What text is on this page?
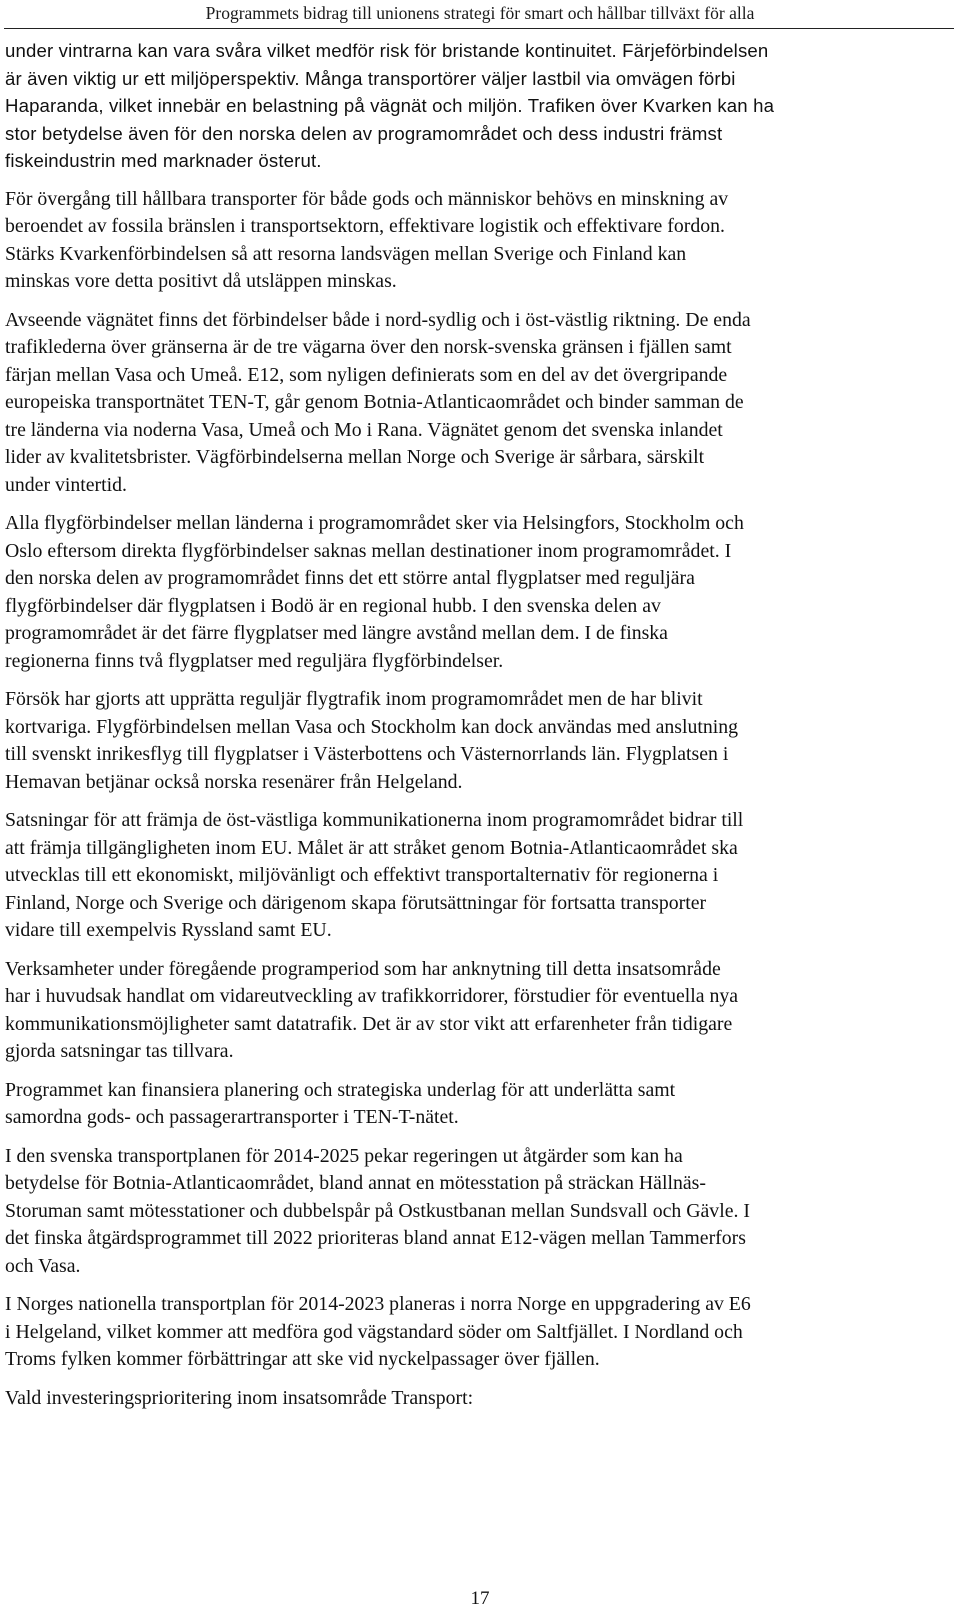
Programmets bidrag till unionens strategi för smart och hållbar tillväxt för alla

under vintrarna kan vara svåra vilket medför risk för bristande kontinuitet. Färjeförbindelsen
är även viktig ur ett miljöperspektiv. Många transportörer väljer lastbil via omvägen förbi
Haparanda, vilket innebär en belastning på vägnät och miljön. Trafiken över Kvarken kan ha
stor betydelse även för den norska delen av programområdet och dess industri främst
fiskeindustrin med marknader österut.

För övergång till hållbara transporter för både gods och människor behövs en minskning av
beroendet av fossila bränslen i transportsektorn, effektivare logistik och effektivare fordon.
Stärks Kvarkenförbindelsen så att resorna landsvägen mellan Sverige och Finland kan
minskas vore detta positivt då utsläppen minskas.

Avseende vägnätet finns det förbindelser både i nord-sydlig och i öst-västlig riktning. De enda
trafiklederna över gränserna är de tre vägarna över den norsk-svenska gränsen i fjällen samt
färjan mellan Vasa och Umeå. E12, som nyligen definierats som en del av det övergripande
europeiska transportnätet TEN-T, går genom Botnia-Atlanticaområdet och binder samman de
tre länderna via noderna Vasa, Umeå och Mo i Rana. Vägnätet genom det svenska inlandet
lider av kvalitetsbrister. Vägförbindelserna mellan Norge och Sverige är sårbara, särskilt
under vintertid.

Alla flygförbindelser mellan länderna i programområdet sker via Helsingfors, Stockholm och
Oslo eftersom direkta flygförbindelser saknas mellan destinationer inom programområdet. I
den norska delen av programområdet finns det ett större antal flygplatser med reguljära
flygförbindelser där flygplatsen i Bodö är en regional hubb. I den svenska delen av
programområdet är det färre flygplatser med längre avstånd mellan dem. I de finska
regionerna finns två flygplatser med reguljära flygförbindelser.

Försök har gjorts att upprätta reguljär flygtrafik inom programområdet men de har blivit
kortvariga. Flygförbindelsen mellan Vasa och Stockholm kan dock användas med anslutning
till svenskt inrikesflyg till flygplatser i Västerbottens och Västernorrlands län. Flygplatsen i
Hemavan betjänar också norska resenärer från Helgeland.

Satsningar för att främja de öst-västliga kommunikationerna inom programområdet bidrar till
att främja tillgängligheten inom EU. Målet är att stråket genom Botnia-Atlanticaområdet ska
utvecklas till ett ekonomiskt, miljövänligt och effektivt transportalternativ för regionerna i
Finland, Norge och Sverige och därigenom skapa förutsättningar för fortsatta transporter
vidare till exempelvis Ryssland samt EU.

Verksamheter under föregående programperiod som har anknytning till detta insatsområde
har i huvudsak handlat om vidareutveckling av trafikkorridorer, förstudier för eventuella nya
kommunikationsmöjligheter samt datatrafik. Det är av stor vikt att erfarenheter från tidigare
gjorda satsningar tas tillvara.

Programmet kan finansiera planering och strategiska underlag för att underlätta samt
samordna gods- och passagerartransporter i TEN-T-nätet.

I den svenska transportplanen för 2014-2025 pekar regeringen ut åtgärder som kan ha
betydelse för Botnia-Atlanticaområdet, bland annat en mötesstation på sträckan Hällnäs-
Storuman samt mötesstationer och dubbelspår på Ostkustbanan mellan Sundsvall och Gävle. I
det finska åtgärdsprogrammet till 2022 prioriteras bland annat E12-vägen mellan Tammerfors
och Vasa.

I Norges nationella transportplan för 2014-2023 planeras i norra Norge en uppgradering av E6
i Helgeland, vilket kommer att medföra god vägstandard söder om Saltfjället. I Nordland och
Troms fylken kommer förbättringar att ske vid nyckelpassager över fjällen.

Vald investeringsprioritering inom insatsområde Transport:

17
